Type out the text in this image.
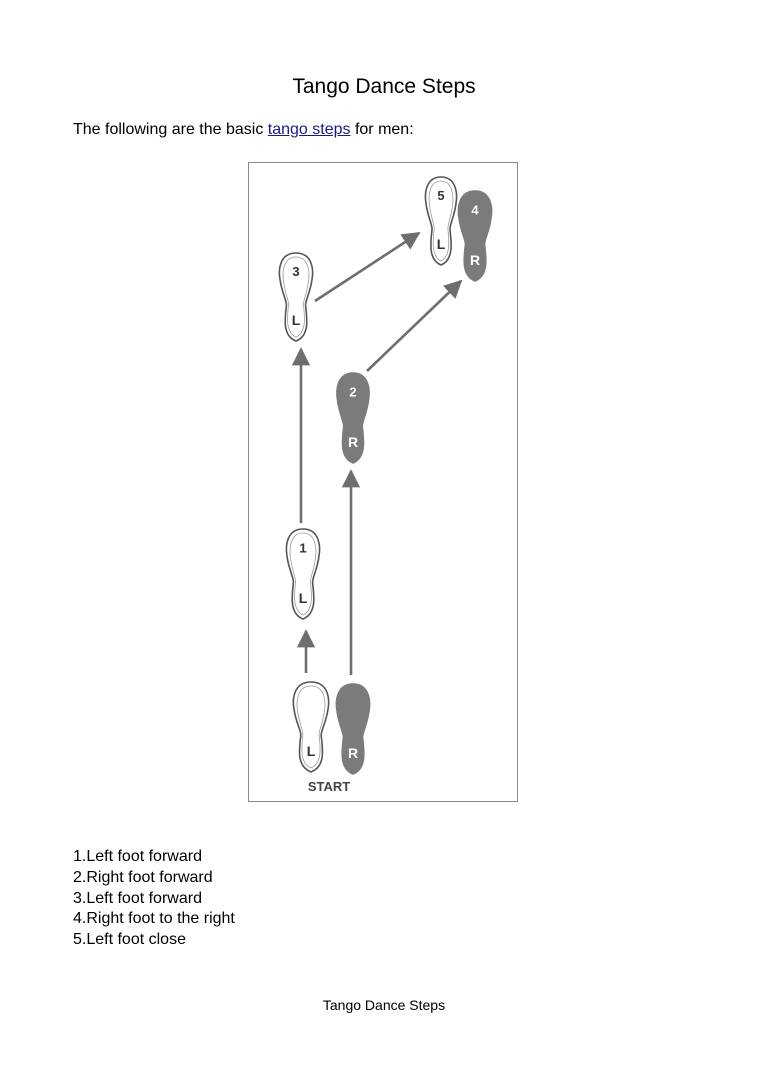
Tango Dance Steps
The following are the basic tango steps for men:
L R
1
L
2
R
3
L
4
R
5
L
START
1.Left foot forward
2.Right foot forward
3.Left foot forward
4.Right foot to the right
5.Left foot close
Tango Dance Steps
